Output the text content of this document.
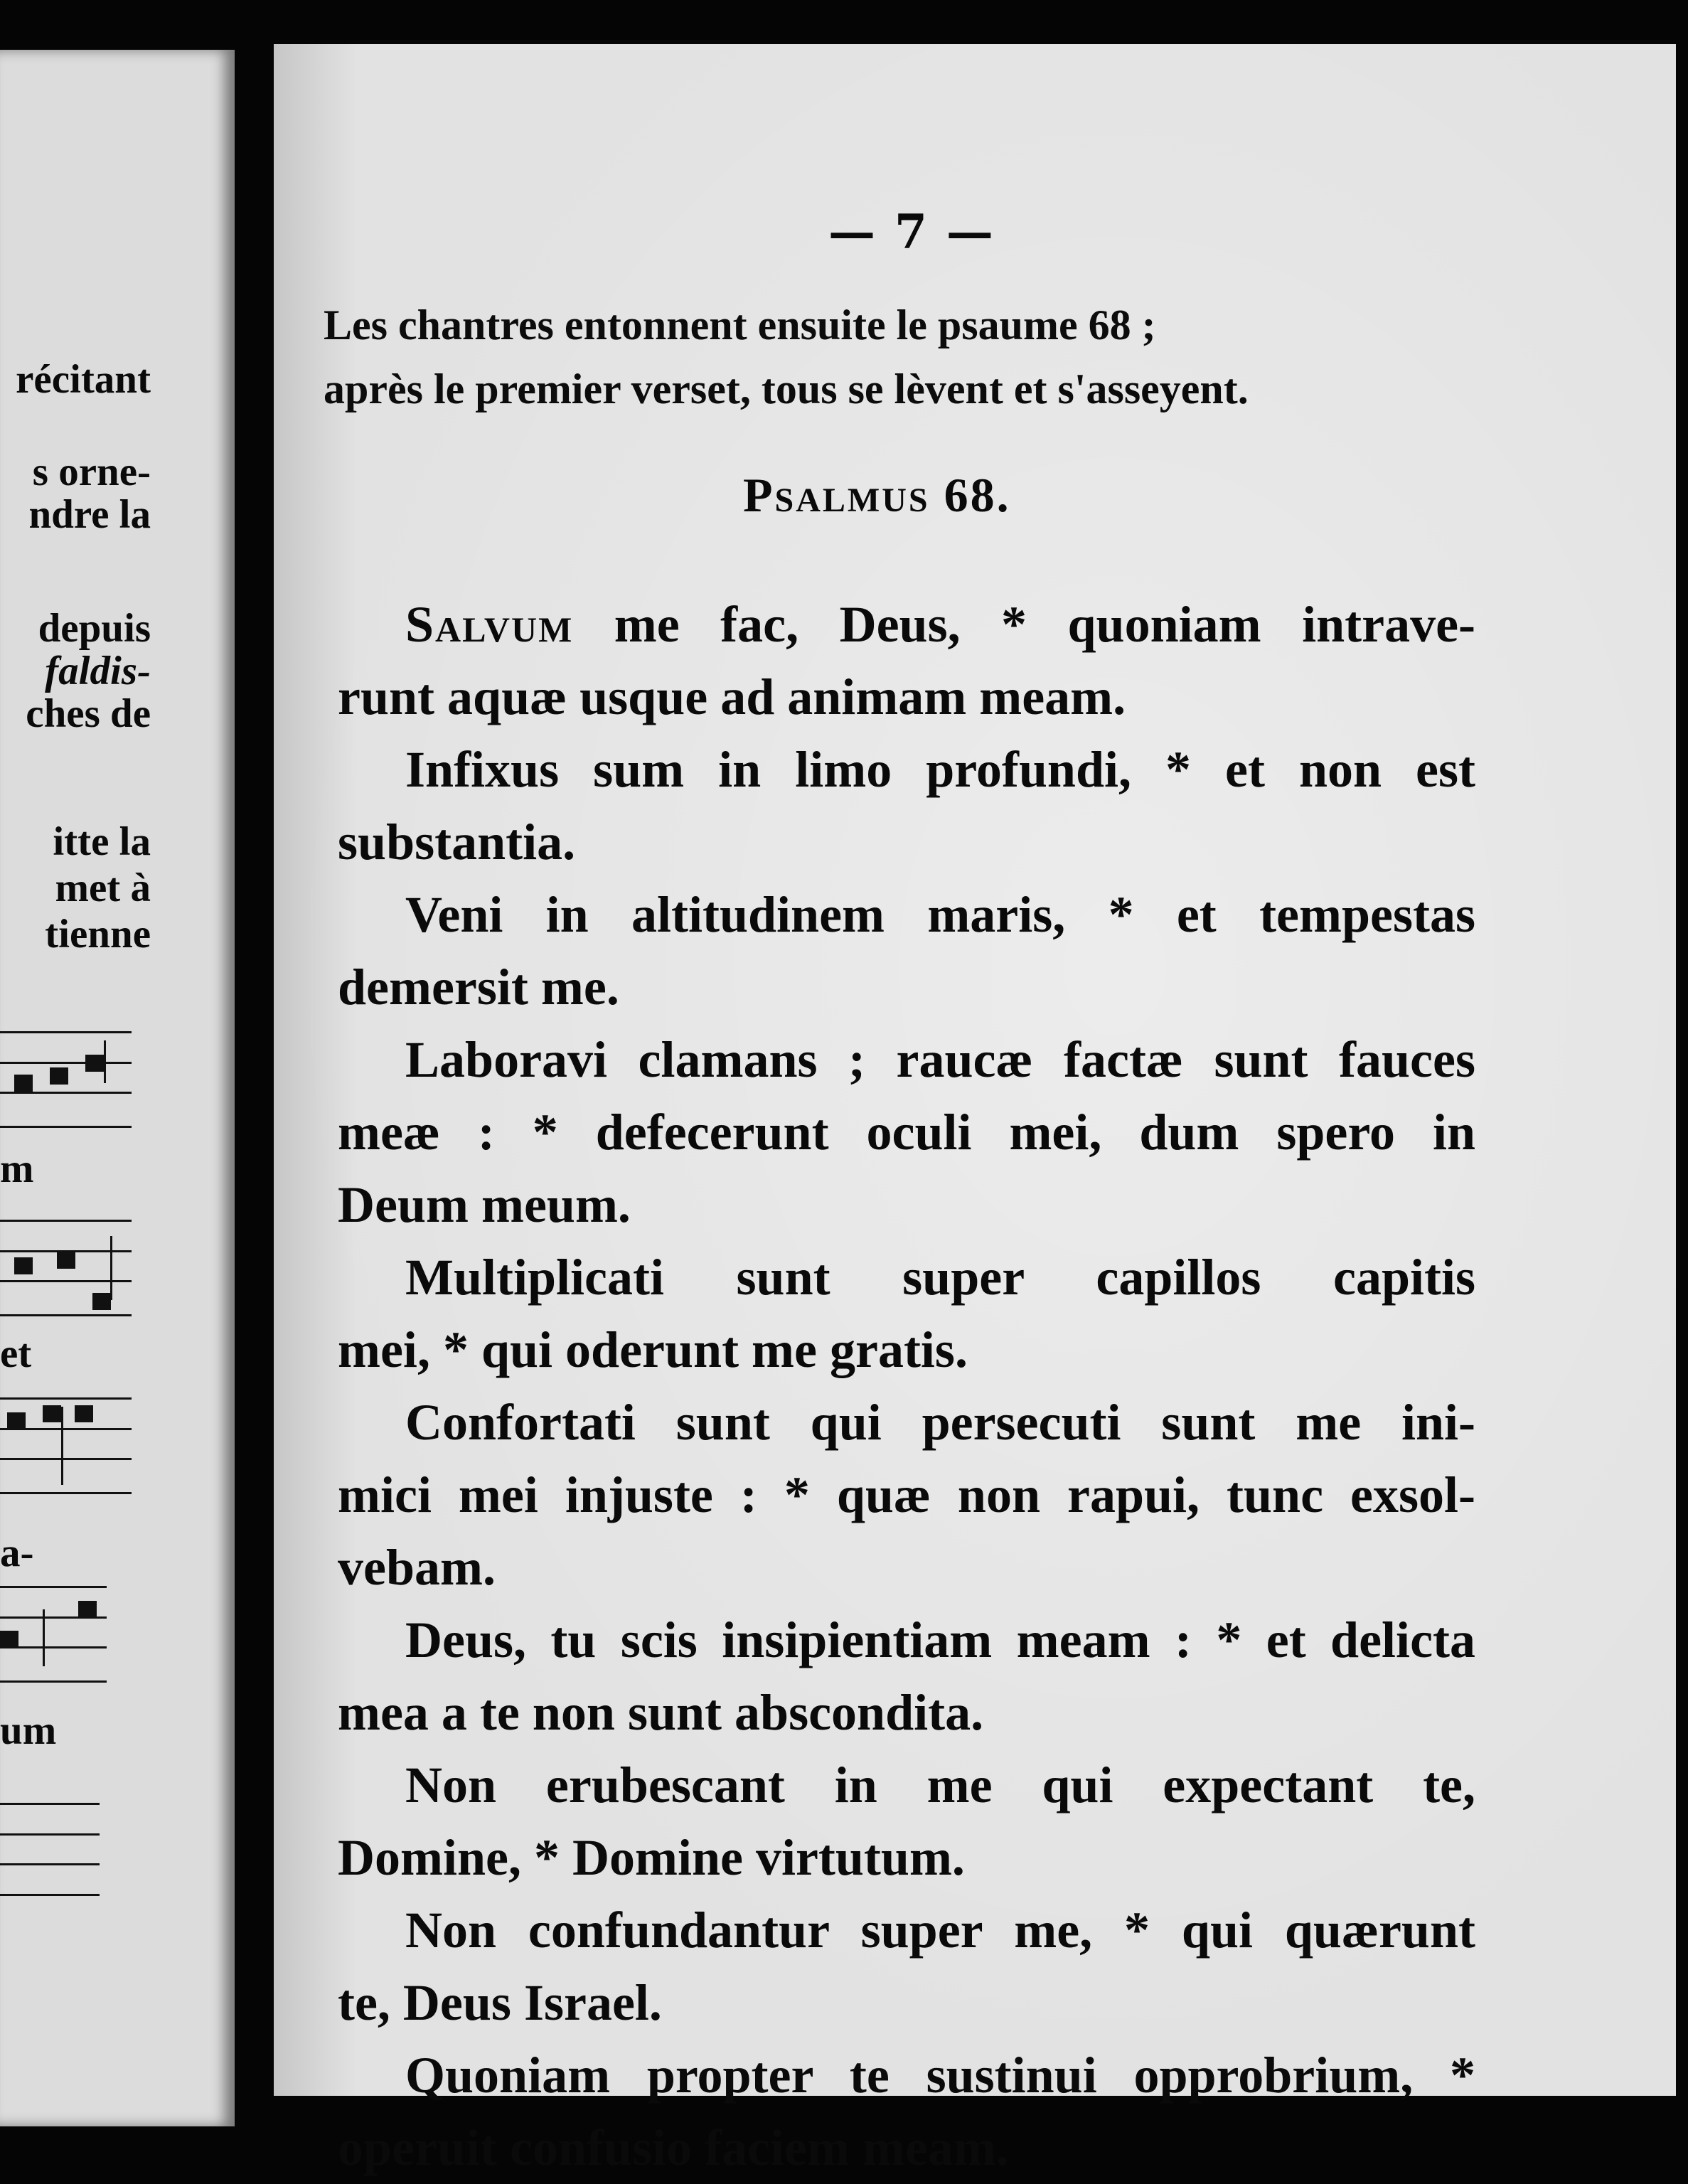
récitant

s orne-

ndre la

depuis

faldis-

ches de

itte la

met à

tienne

m

et

a-

um

— 7 —

Les chantres entonnent ensuite le psaume 68 ;
après le premier verset, tous se lèvent et s'asseyent.

Psalmus 68.

Salvum me fac, Deus, * quoniam intrave-
runt aquæ usque ad animam meam.

Infixus sum in limo profundi, * et non est
substantia.

Veni in altitudinem maris, * et tempestas
demersit me.

Laboravi clamans ; raucæ factæ sunt fauces
meæ : * defecerunt oculi mei, dum spero in
Deum meum.

Multiplicati sunt super capillos capitis
mei, * qui oderunt me gratis.

Confortati sunt qui persecuti sunt me ini-
mici mei injuste : * quæ non rapui, tunc exsol-
vebam.

Deus, tu scis insipientiam meam : * et delicta
mea a te non sunt abscondita.

Non erubescant in me qui expectant te,
Domine, * Domine virtutum.

Non confundantur super me, * qui quærunt
te, Deus Israel.

Quoniam propter te sustinui opprobrium, *
operuit confusio faciem meam.
